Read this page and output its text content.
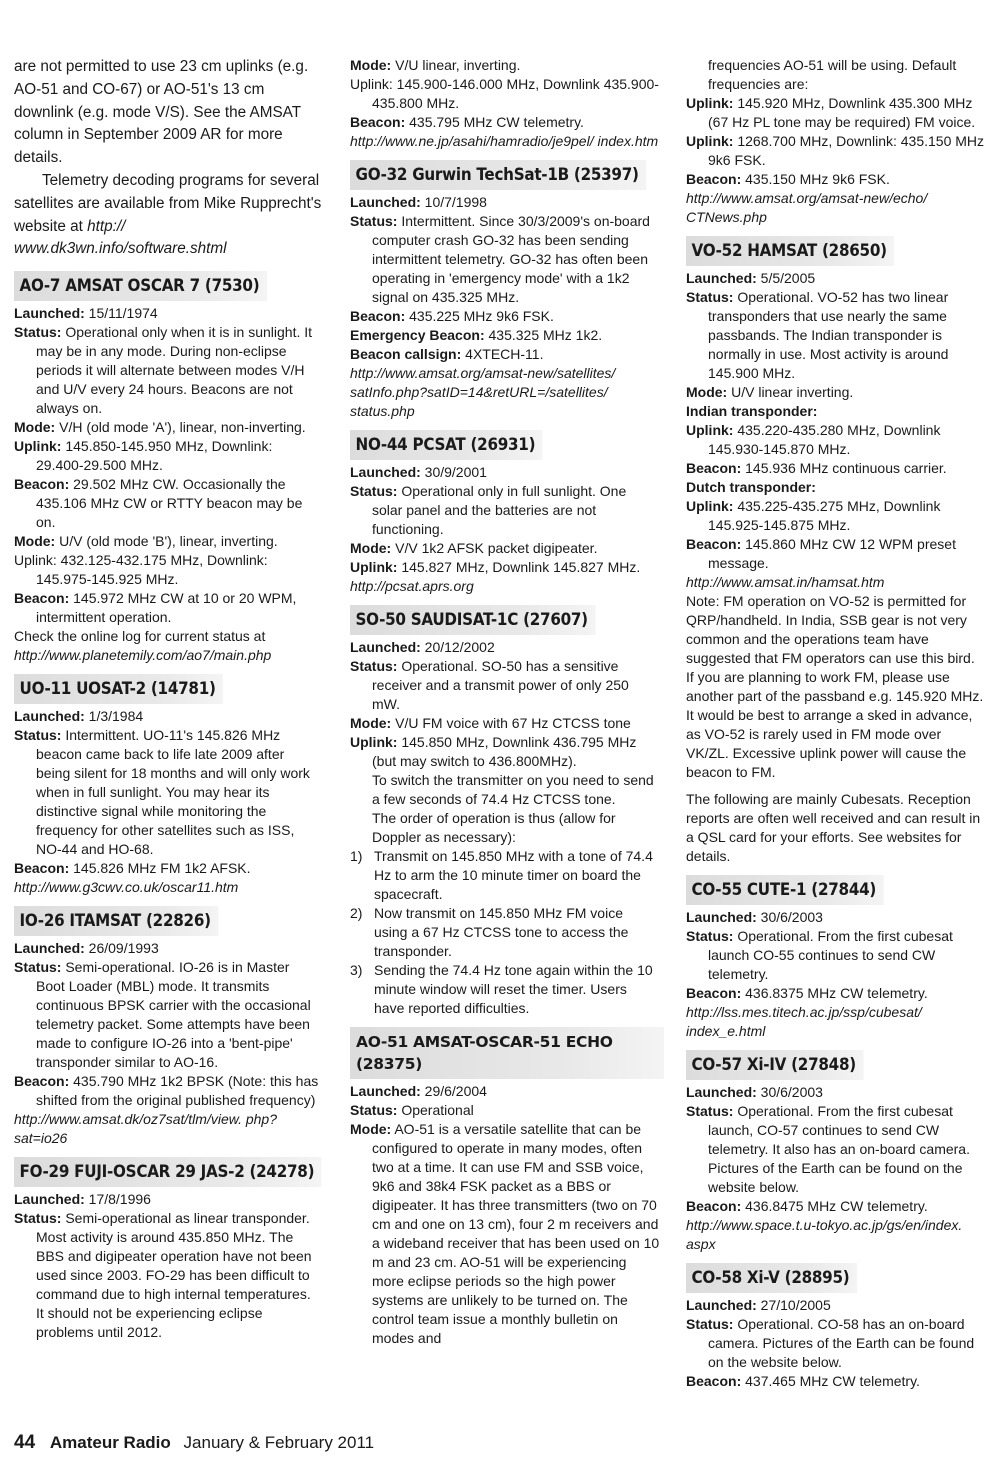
are not permitted to use 23 cm uplinks (e.g. AO-51 and CO-67) or AO-51's 13 cm downlink (e.g. mode V/S). See the AMSAT column in September 2009 AR for more details.
Telemetry decoding programs for several satellites are available from Mike Rupprecht's website at http:// www.dk3wn.info/software.shtml
AO-7 AMSAT OSCAR 7 (7530)
Launched: 15/11/1974
Status: Operational only when it is in sunlight. It may be in any mode. During non-eclipse periods it will alternate between modes V/H and U/V every 24 hours. Beacons are not always on.
Mode: V/H (old mode 'A'), linear, non-inverting.
Uplink: 145.850-145.950 MHz, Downlink: 29.400-29.500 MHz.
Beacon: 29.502 MHz CW. Occasionally the 435.106 MHz CW or RTTY beacon may be on.
Mode: U/V (old mode 'B'), linear, inverting.
Uplink: 432.125-432.175 MHz, Downlink: 145.975-145.925 MHz.
Beacon: 145.972 MHz CW at 10 or 20 WPM, intermittent operation.
Check the online log for current status at
http://www.planetemily.com/ao7/main.php
UO-11 UOSAT-2 (14781)
Launched: 1/3/1984
Status: Intermittent. UO-11's 145.826 MHz beacon came back to life late 2009 after being silent for 18 months and will only work when in full sunlight. You may hear its distinctive signal while monitoring the frequency for other satellites such as ISS, NO-44 and HO-68.
Beacon: 145.826 MHz FM 1k2 AFSK.
http://www.g3cwv.co.uk/oscar11.htm
IO-26 ITAMSAT (22826)
Launched: 26/09/1993
Status: Semi-operational. IO-26 is in Master Boot Loader (MBL) mode. It transmits continuous BPSK carrier with the occasional telemetry packet. Some attempts have been made to configure IO-26 into a 'bent-pipe' transponder similar to AO-16.
Beacon: 435.790 MHz 1k2 BPSK (Note: this has shifted from the original published frequency)
http://www.amsat.dk/oz7sat/tlm/view. php?sat=io26
FO-29 FUJI-OSCAR 29 JAS-2 (24278)
Launched: 17/8/1996
Status: Semi-operational as linear transponder. Most activity is around 435.850 MHz. The BBS and digipeater operation have not been used since 2003. FO-29 has been difficult to command due to high internal temperatures. It should not be experiencing eclipse problems until 2012.
Mode: V/U linear, inverting.
Uplink: 145.900-146.000 MHz, Downlink 435.900-435.800 MHz.
Beacon: 435.795 MHz CW telemetry.
http://www.ne.jp/asahi/hamradio/je9pel/ index.htm
GO-32 Gurwin TechSat-1B (25397)
Launched: 10/7/1998
Status: Intermittent. Since 30/3/2009's on-board computer crash GO-32 has been sending intermittent telemetry. GO-32 has often been operating in 'emergency mode' with a 1k2 signal on 435.325 MHz.
Beacon: 435.225 MHz 9k6 FSK.
Emergency Beacon: 435.325 MHz 1k2.
Beacon callsign: 4XTECH-11.
http://www.amsat.org/amsat-new/satellites/ satInfo.php?satID=14&retURL=/satellites/ status.php
NO-44 PCSAT (26931)
Launched: 30/9/2001
Status: Operational only in full sunlight. One solar panel and the batteries are not functioning.
Mode: V/V 1k2 AFSK packet digipeater.
Uplink: 145.827 MHz, Downlink 145.827 MHz.
http://pcsat.aprs.org
SO-50 SAUDISAT-1C (27607)
Launched: 20/12/2002
Status: Operational. SO-50 has a sensitive receiver and a transmit power of only 250 mW.
Mode: V/U FM voice with 67 Hz CTCSS tone
Uplink: 145.850 MHz, Downlink 436.795 MHz (but may switch to 436.800MHz).
To switch the transmitter on you need to send a few seconds of 74.4 Hz CTCSS tone.
The order of operation is thus (allow for Doppler as necessary):
1) Transmit on 145.850 MHz with a tone of 74.4 Hz to arm the 10 minute timer on board the spacecraft.
2) Now transmit on 145.850 MHz FM voice using a 67 Hz CTCSS tone to access the transponder.
3) Sending the 74.4 Hz tone again within the 10 minute window will reset the timer. Users have reported difficulties.
AO-51 AMSAT-OSCAR-51 ECHO (28375)
Launched: 29/6/2004
Status: Operational
Mode: AO-51 is a versatile satellite that can be configured to operate in many modes, often two at a time. It can use FM and SSB voice, 9k6 and 38k4 FSK packet as a BBS or digipeater. It has three transmitters (two on 70 cm and one on 13 cm), four 2 m receivers and a wideband receiver that has been used on 10 m and 23 cm. AO-51 will be experiencing more eclipse periods so the high power systems are unlikely to be turned on. The control team issue a monthly bulletin on modes and
frequencies AO-51 will be using. Default frequencies are:
Uplink: 145.920 MHz, Downlink 435.300 MHz (67 Hz PL tone may be required) FM voice.
Uplink: 1268.700 MHz, Downlink: 435.150 MHz 9k6 FSK.
Beacon: 435.150 MHz 9k6 FSK.
http://www.amsat.org/amsat-new/echo/ CTNews.php
VO-52 HAMSAT (28650)
Launched: 5/5/2005
Status: Operational. VO-52 has two linear transponders that use nearly the same passbands. The Indian transponder is normally in use. Most activity is around 145.900 MHz.
Mode: U/V linear inverting.
Indian transponder:
Uplink: 435.220-435.280 MHz, Downlink 145.930-145.870 MHz.
Beacon: 145.936 MHz continuous carrier.
Dutch transponder:
Uplink: 435.225-435.275 MHz, Downlink 145.925-145.875 MHz.
Beacon: 145.860 MHz CW 12 WPM preset message.
http://www.amsat.in/hamsat.htm
Note: FM operation on VO-52 is permitted for QRP/handheld. In India, SSB gear is not very common and the operations team have suggested that FM operators can use this bird. If you are planning to work FM, please use another part of the passband e.g. 145.920 MHz. It would be best to arrange a sked in advance, as VO-52 is rarely used in FM mode over VK/ZL. Excessive uplink power will cause the beacon to FM.
The following are mainly Cubesats. Reception reports are often well received and can result in a QSL card for your efforts. See websites for details.
CO-55 CUTE-1 (27844)
Launched: 30/6/2003
Status: Operational. From the first cubesat launch CO-55 continues to send CW telemetry.
Beacon: 436.8375 MHz CW telemetry.
http://lss.mes.titech.ac.jp/ssp/cubesat/ index_e.html
CO-57 Xi-IV (27848)
Launched: 30/6/2003
Status: Operational. From the first cubesat launch, CO-57 continues to send CW telemetry. It also has an on-board camera. Pictures of the Earth can be found on the website below.
Beacon: 436.8475 MHz CW telemetry.
http://www.space.t.u-tokyo.ac.jp/gs/en/index. aspx
CO-58 Xi-V (28895)
Launched: 27/10/2005
Status: Operational. CO-58 has an on-board camera. Pictures of the Earth can be found on the website below.
Beacon: 437.465 MHz CW telemetry.
44 Amateur Radio January & February 2011
